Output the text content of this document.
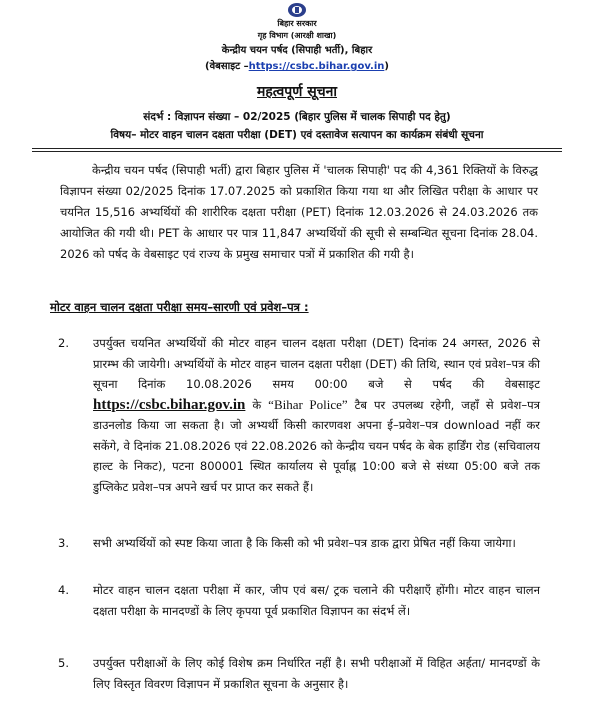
बिहार सरकार
गृह विभाग (आरक्षी शाखा)
केन्द्रीय चयन पर्षद (सिपाही भर्ती), बिहार
(वेबसाइट –https://csbc.bihar.gov.in)
महत्वपूर्ण सूचना
संदर्भ : विज्ञापन संख्या – 02/2025 (बिहार पुलिस में चालक सिपाही पद हेतु)
विषय– मोटर वाहन चालन दक्षता परीक्षा (DET) एवं दस्तावेज सत्यापन का कार्यक्रम संबंधी सूचना
केन्द्रीय चयन पर्षद (सिपाही भर्ती) द्वारा बिहार पुलिस में 'चालक सिपाही' पद की 4,361 रिक्तियों के विरुद्ध विज्ञापन संख्या 02/2025 दिनांक 17.07.2025 को प्रकाशित किया गया था और लिखित परीक्षा के आधार पर चयनित 15,516 अभ्यर्थियों की शारीरिक दक्षता परीक्षा (PET) दिनांक 12.03.2026 से 24.03.2026 तक आयोजित की गयी थी। PET के आधार पर पात्र 11,847 अभ्यर्थियों की सूची से सम्बन्धित सूचना दिनांक 28.04. 2026 को पर्षद के वेबसाइट एवं राज्य के प्रमुख समाचार पत्रों में प्रकाशित की गयी है।
मोटर वाहन चालन दक्षता परीक्षा समय–सारणी एवं प्रवेश–पत्र :
2. उपर्युक्त चयनित अभ्यर्थियों की मोटर वाहन चालन दक्षता परीक्षा (DET) दिनांक 24 अगस्त, 2026 से प्रारम्भ की जायेगी। अभ्यर्थियों के मोटर वाहन चालन दक्षता परीक्षा (DET) की तिथि, स्थान एवं प्रवेश–पत्र की सूचना दिनांक 10.08.2026 समय 00:00 बजे से पर्षद की वेबसाइट https://csbc.bihar.gov.in के “Bihar Police” टैब पर उपलब्ध रहेगी, जहाँ से प्रवेश–पत्र डाउनलोड किया जा सकता है। जो अभ्यर्थी किसी कारणवश अपना ई–प्रवेश–पत्र download नहीं कर सकेंगे, वे दिनांक 21.08.2026 एवं 22.08.2026 को केन्द्रीय चयन पर्षद के बेक हार्डिंग रोड (सचिवालय हाल्ट के निकट), पटना 800001 स्थित कार्यालय से पूर्वाह्न 10:00 बजे से संध्या 05:00 बजे तक डुप्लिकेट प्रवेश–पत्र अपने खर्च पर प्राप्त कर सकते हैं।
3. सभी अभ्यर्थियों को स्पष्ट किया जाता है कि किसी को भी प्रवेश–पत्र डाक द्वारा प्रेषित नहीं किया जायेगा।
4. मोटर वाहन चालन दक्षता परीक्षा में कार, जीप एवं बस/ ट्रक चलाने की परीक्षाएँ होंगी। मोटर वाहन चालन दक्षता परीक्षा के मानदण्डों के लिए कृपया पूर्व प्रकाशित विज्ञापन का संदर्भ लें।
5. उपर्युक्त परीक्षाओं के लिए कोई विशेष क्रम निर्धारित नहीं है। सभी परीक्षाओं में विहित अर्हता/ मानदण्डों के लिए विस्तृत विवरण विज्ञापन में प्रकाशित सूचना के अनुसार है।
